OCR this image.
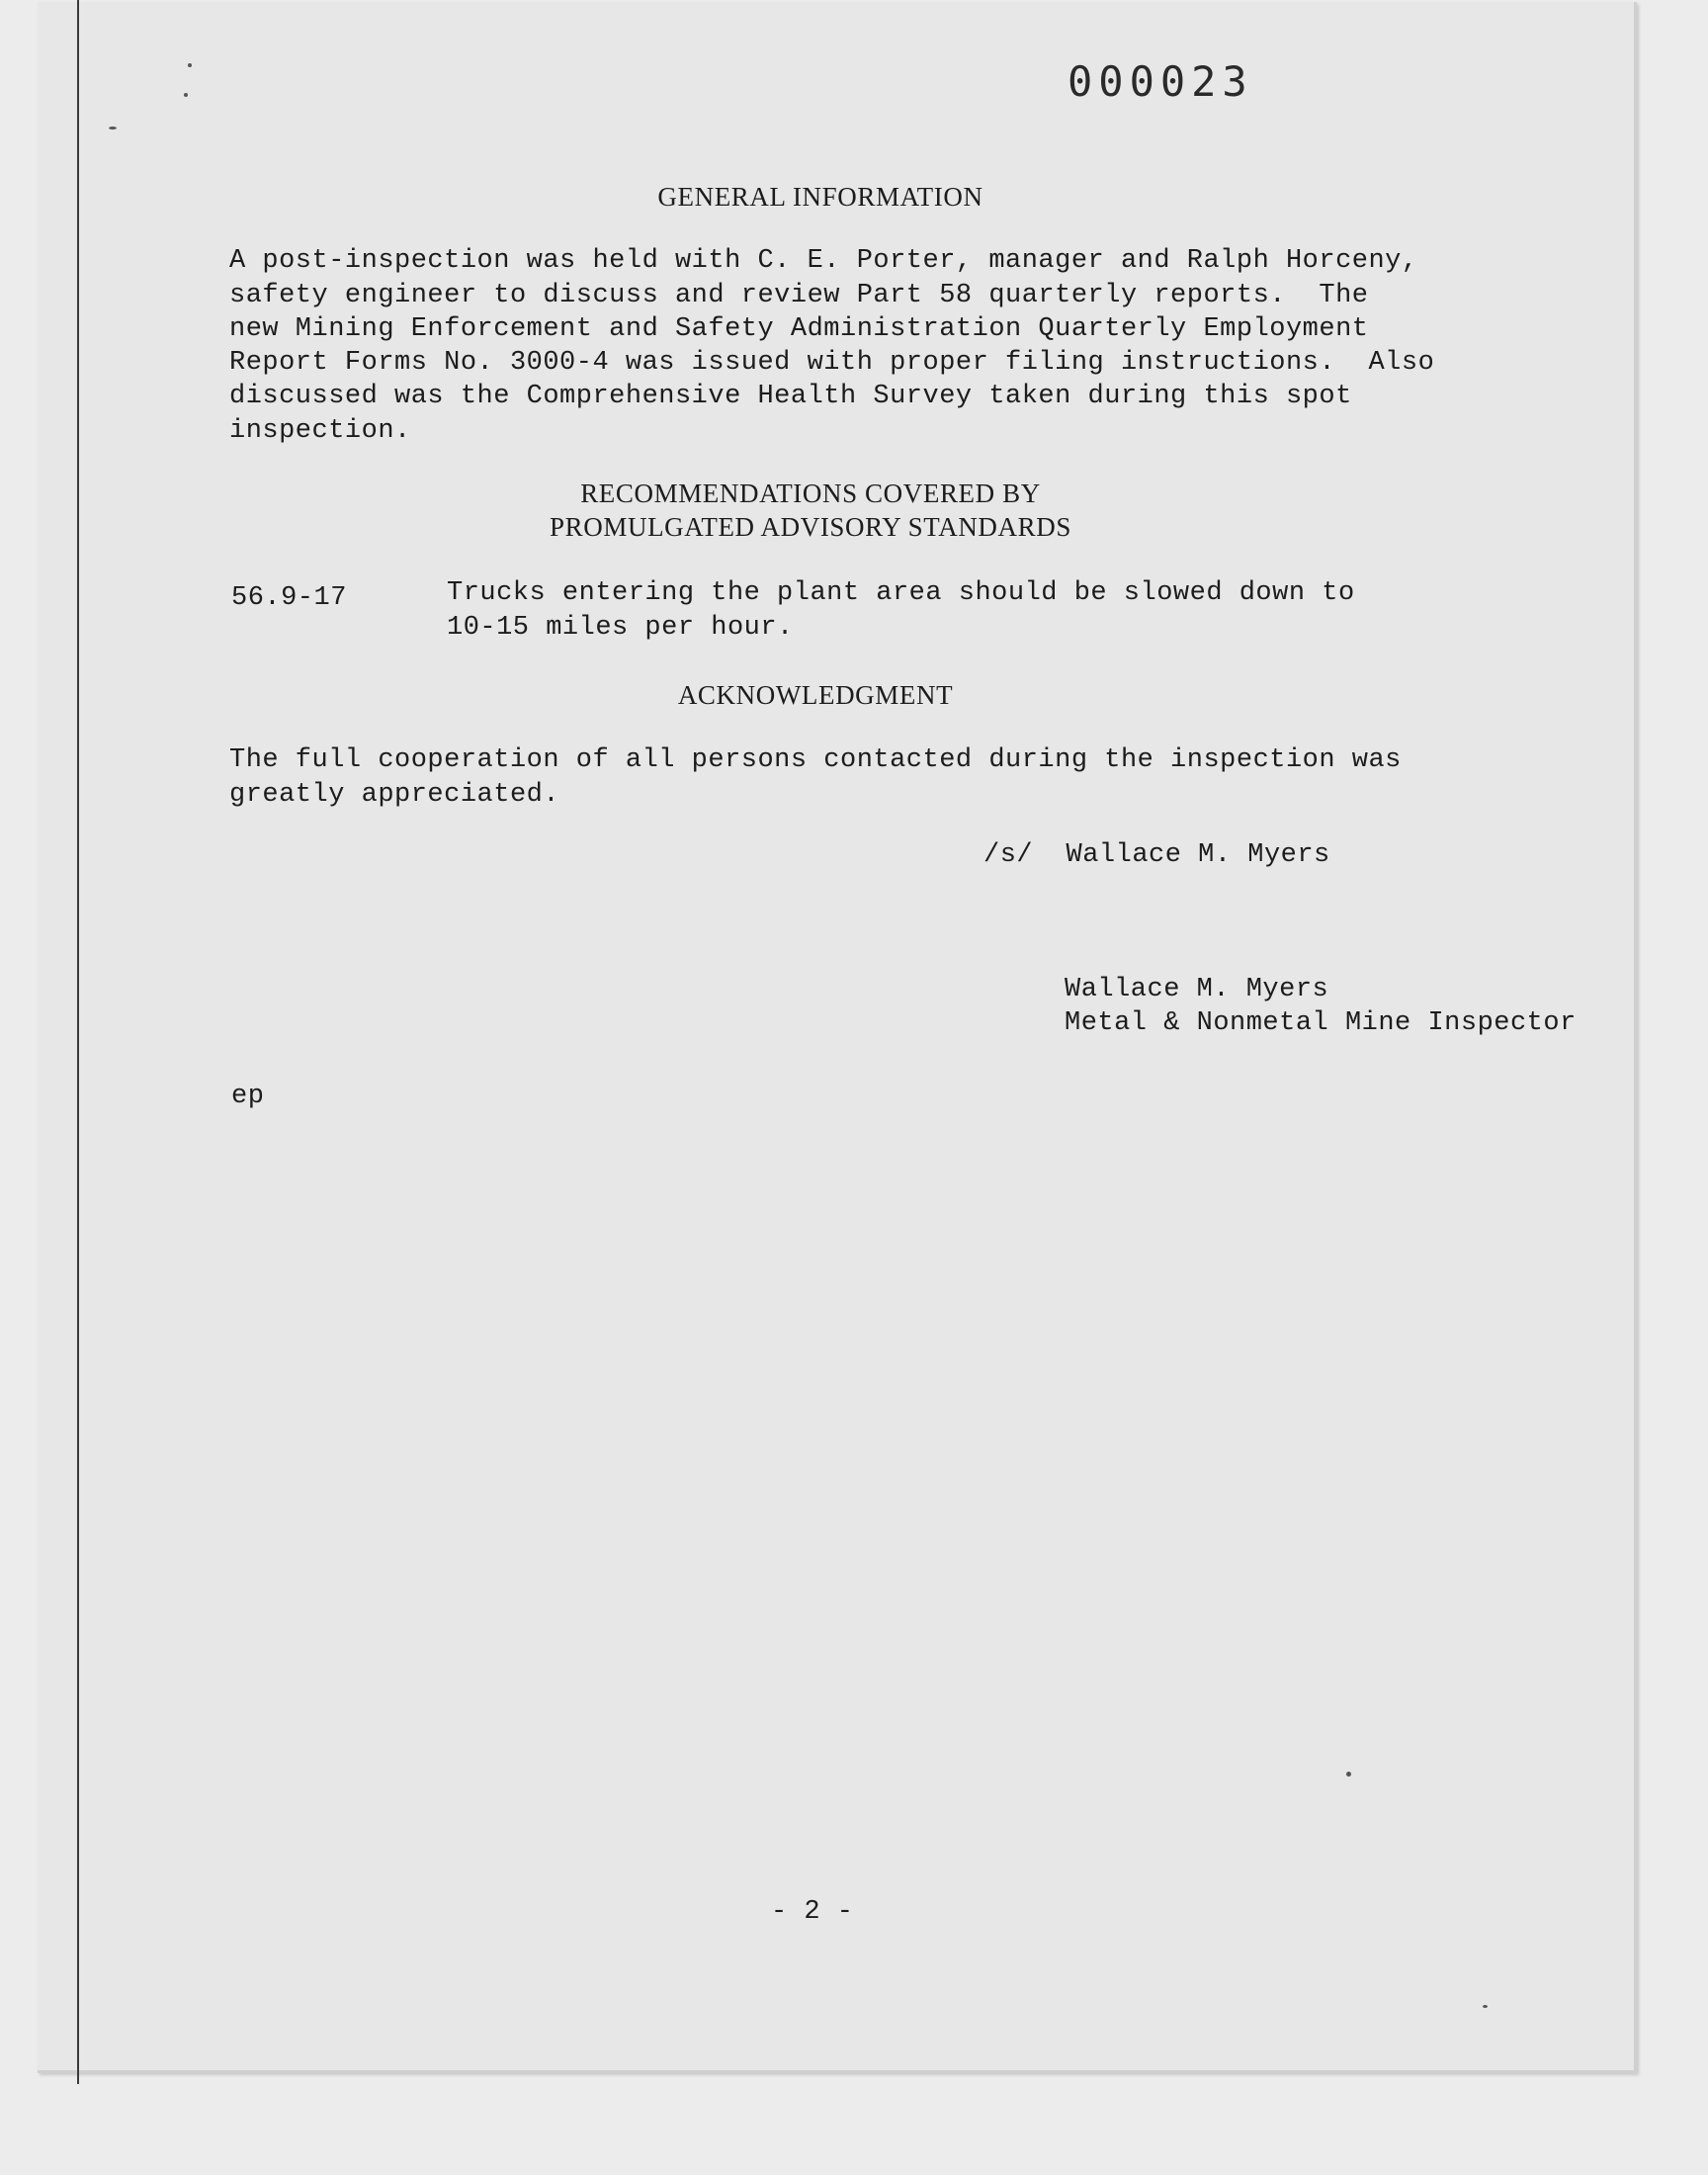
000023
GENERAL INFORMATION
A post-inspection was held with C. E. Porter, manager and Ralph Horceny,
safety engineer to discuss and review Part 58 quarterly reports.  The
new Mining Enforcement and Safety Administration Quarterly Employment
Report Forms No. 3000-4 was issued with proper filing instructions.  Also
discussed was the Comprehensive Health Survey taken during this spot
inspection.
RECOMMENDATIONS COVERED BY
PROMULGATED ADVISORY STANDARDS
56.9-17	Trucks entering the plant area should be slowed down to
10-15 miles per hour.
ACKNOWLEDGMENT
The full cooperation of all persons contacted during the inspection was
greatly appreciated.
/s/  Wallace M. Myers
Wallace M. Myers
Metal & Nonmetal Mine Inspector
ep
- 2 -
